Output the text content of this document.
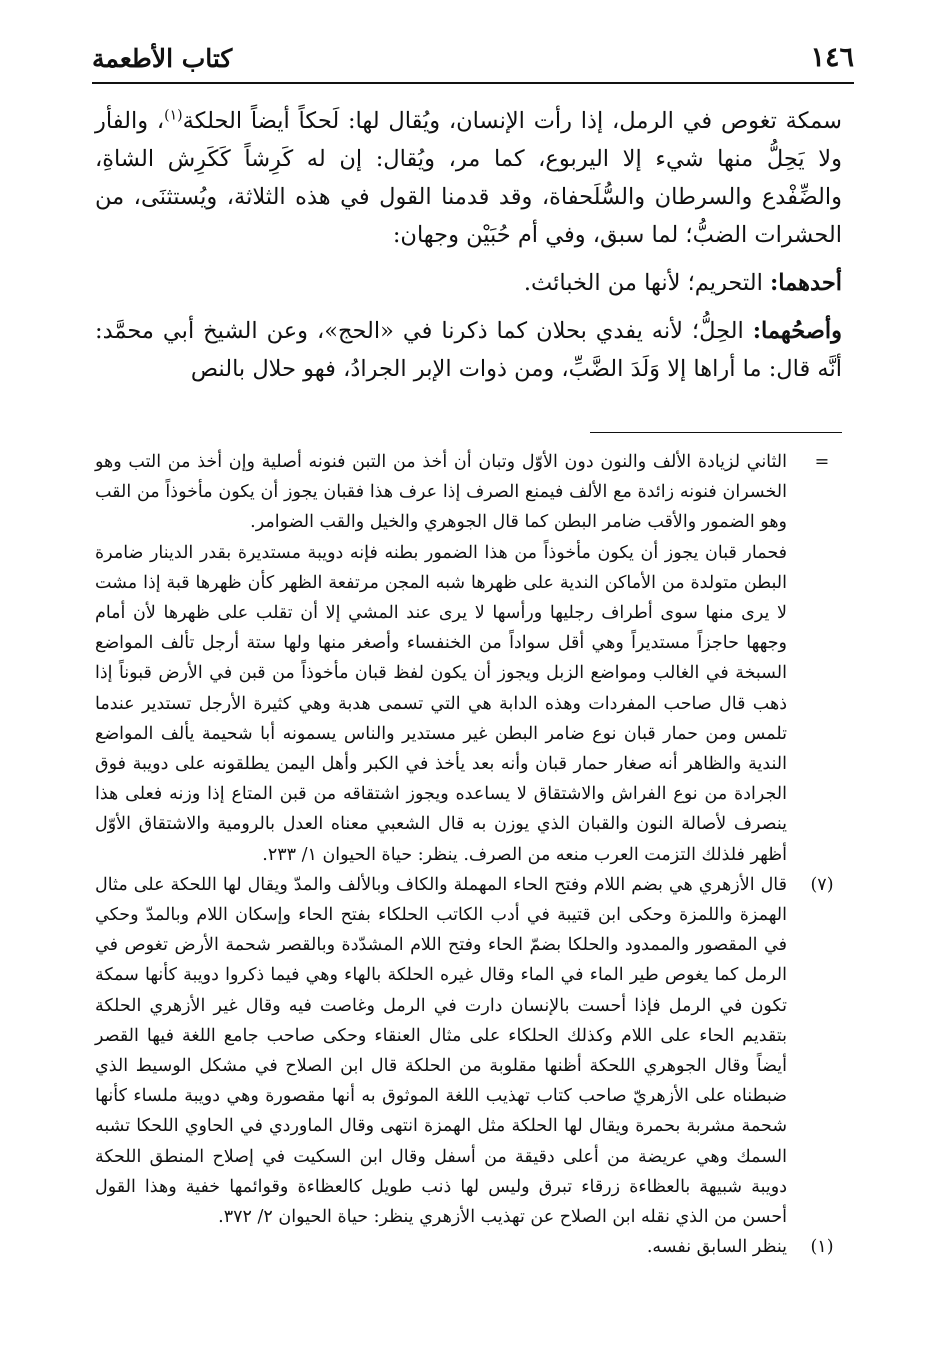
١٤٦
كتاب الأطعمة

سمكة تغوص في الرمل، إذا رأت الإنسان، ويُقال لها: لَحكاً أيضاً الحلكة$^{(١)}$، والفأر ولا يَحِلُّ منها شيء إلا اليربوع، كما مر، ويُقال: إن له كَرِشاً كَكَرِش الشاةِ، والضِّفْدع والسرطان والسُّلَحفاة، وقد قدمنا القول في هذه الثلاثة، ويُستثنَى، من الحشرات الضبُّ؛ لما سبق، وفي أم حُبَيْن وجهان:

أحدهما: التحريم؛ لأنها من الخبائث.

وأصحُهما: الحِلُّ؛ لأنه يفدي بحلان كما ذكرنا في «الحج»، وعن الشيخ أبي محمَّد: أنَّه قال: ما أراها إلا وَلَدَ الضَّبِّ، ومن ذوات الإبر الجرادُ، فهو حلال بالنص

=

الثاني لزيادة الألف والنون دون الأوّل وتبان أن أخذ من التبن فنونه أصلية وإن أخذ من التب وهو الخسران فنونه زائدة مع الألف فيمنع الصرف إذا عرف هذا فقبان يجوز أن يكون مأخوذاً من القب وهو الضمور والأقب ضامر البطن كما قال الجوهري والخيل والقب الضوامر.

فحمار قبان يجوز أن يكون مأخوذاً من هذا الضمور بطنه فإنه دويبة مستديرة بقدر الدينار ضامرة البطن متولدة من الأماكن الندية على ظهرها شبه المجن مرتفعة الظهر كأن ظهرها قبة إذا مشت لا يرى منها سوى أطراف رجليها ورأسها لا يرى عند المشي إلا أن تقلب على ظهرها لأن أمام وجهها حاجزاً مستديراً وهي أقل سواداً من الخنفساء وأصغر منها ولها ستة أرجل تألف المواضع السبخة في الغالب ومواضع الزبل ويجوز أن يكون لفظ قبان مأخوذاً من قبن في الأرض قبوناً إذا ذهب قال صاحب المفردات وهذه الدابة هي التي تسمى هدبة وهي كثيرة الأرجل تستدير عندما تلمس ومن حمار قبان نوع ضامر البطن غير مستدير والناس يسمونه أبا شحيمة يألف المواضع الندية والظاهر أنه صغار حمار قبان وأنه بعد يأخذ في الكبر وأهل اليمن يطلقونه على دويبة فوق الجرادة من نوع الفراش والاشتقاق لا يساعده ويجوز اشتقاقه من قبن المتاع إذا وزنه فعلى هذا ينصرف لأصالة النون والقبان الذي يوزن به قال الشعبي معناه العدل بالرومية والاشتقاق الأوّل أظهر فلذلك التزمت العرب منعه من الصرف. ينظر: حياة الحيوان ١/ ٢٣٣.

(٧)

قال الأزهري هي بضم اللام وفتح الحاء المهملة والكاف وبالألف والمدّ ويقال لها اللحكة على مثال الهمزة واللمزة وحكى ابن قتيبة في أدب الكاتب الحلكاء بفتح الحاء وإسكان اللام وبالمدّ وحكي في المقصور والممدود والحلكا بضمّ الحاء وفتح اللام المشدّدة وبالقصر شحمة الأرض تغوص في الرمل كما يغوص طير الماء في الماء وقال غيره الحلكة بالهاء وهي فيما ذكروا دويبة كأنها سمكة تكون في الرمل فإذا أحست بالإنسان دارت في الرمل وغاصت فيه وقال غير الأزهري الحلكة بتقديم الحاء على اللام وكذلك الحلكاء على مثال العنقاء وحكى صاحب جامع اللغة فيها القصر أيضاً وقال الجوهري اللحكة أظنها مقلوبة من الحلكة قال ابن الصلاح في مشكل الوسيط الذي ضبطناه على الأزهريّ صاحب كتاب تهذيب اللغة الموثوق به أنها مقصورة وهي دويبة ملساء كأنها شحمة مشربة بحمرة ويقال لها الحلكة مثل الهمزة انتهى وقال الماوردي في الحاوي اللحكا تشبه السمك وهي عريضة من أعلى دقيقة من أسفل وقال ابن السكيت في إصلاح المنطق اللحكة دويبة شبيهة بالعظاءة زرقاء تبرق وليس لها ذنب طويل كالعظاءة وقوائمها خفية وهذا القول أحسن من الذي نقله ابن الصلاح عن تهذيب الأزهري ينظر: حياة الحيوان ٢/ ٣٧٢.

(١)

ينظر السابق نفسه.
